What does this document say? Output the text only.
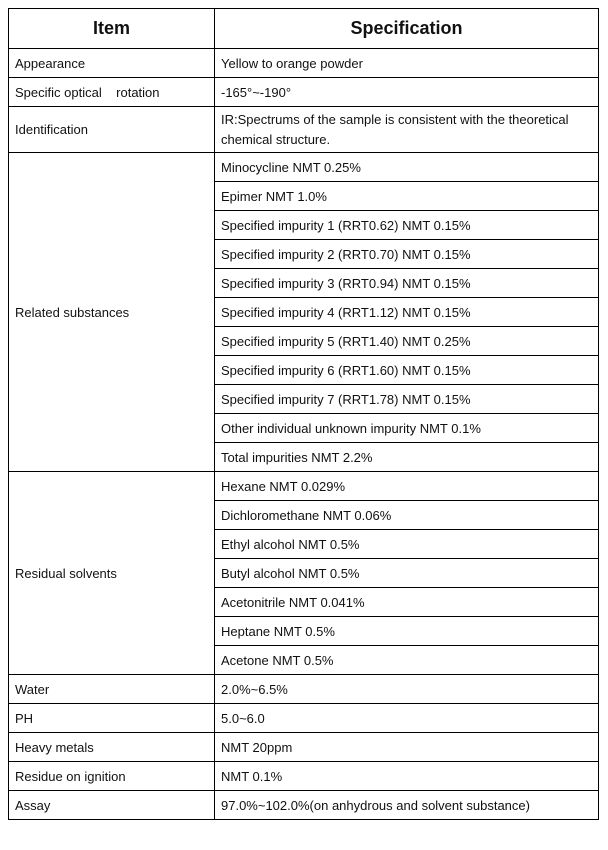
Item	Specification
Appearance	Yellow to orange powder
Specific optical    rotation	-165°~-190°
Identification	IR:Spectrums of the sample is consistent with the theoretical chemical structure.
Related substances	Minocycline NMT 0.25%
	Epimer NMT 1.0%
	Specified impurity 1 (RRT0.62) NMT 0.15%
	Specified impurity 2 (RRT0.70) NMT 0.15%
	Specified impurity 3 (RRT0.94) NMT 0.15%
	Specified impurity 4 (RRT1.12) NMT 0.15%
	Specified impurity 5 (RRT1.40) NMT 0.25%
	Specified impurity 6 (RRT1.60) NMT 0.15%
	Specified impurity 7 (RRT1.78) NMT 0.15%
	Other individual unknown impurity NMT 0.1%
	Total impurities NMT 2.2%
Residual solvents	Hexane NMT 0.029%
	Dichloromethane NMT 0.06%
	Ethyl alcohol NMT 0.5%
	Butyl alcohol NMT 0.5%
	Acetonitrile NMT 0.041%
	Heptane NMT 0.5%
	Acetone NMT 0.5%
Water	2.0%~6.5%
PH	5.0~6.0
Heavy metals	NMT 20ppm
Residue on ignition	NMT 0.1%
Assay	97.0%~102.0%(on anhydrous and solvent substance)
